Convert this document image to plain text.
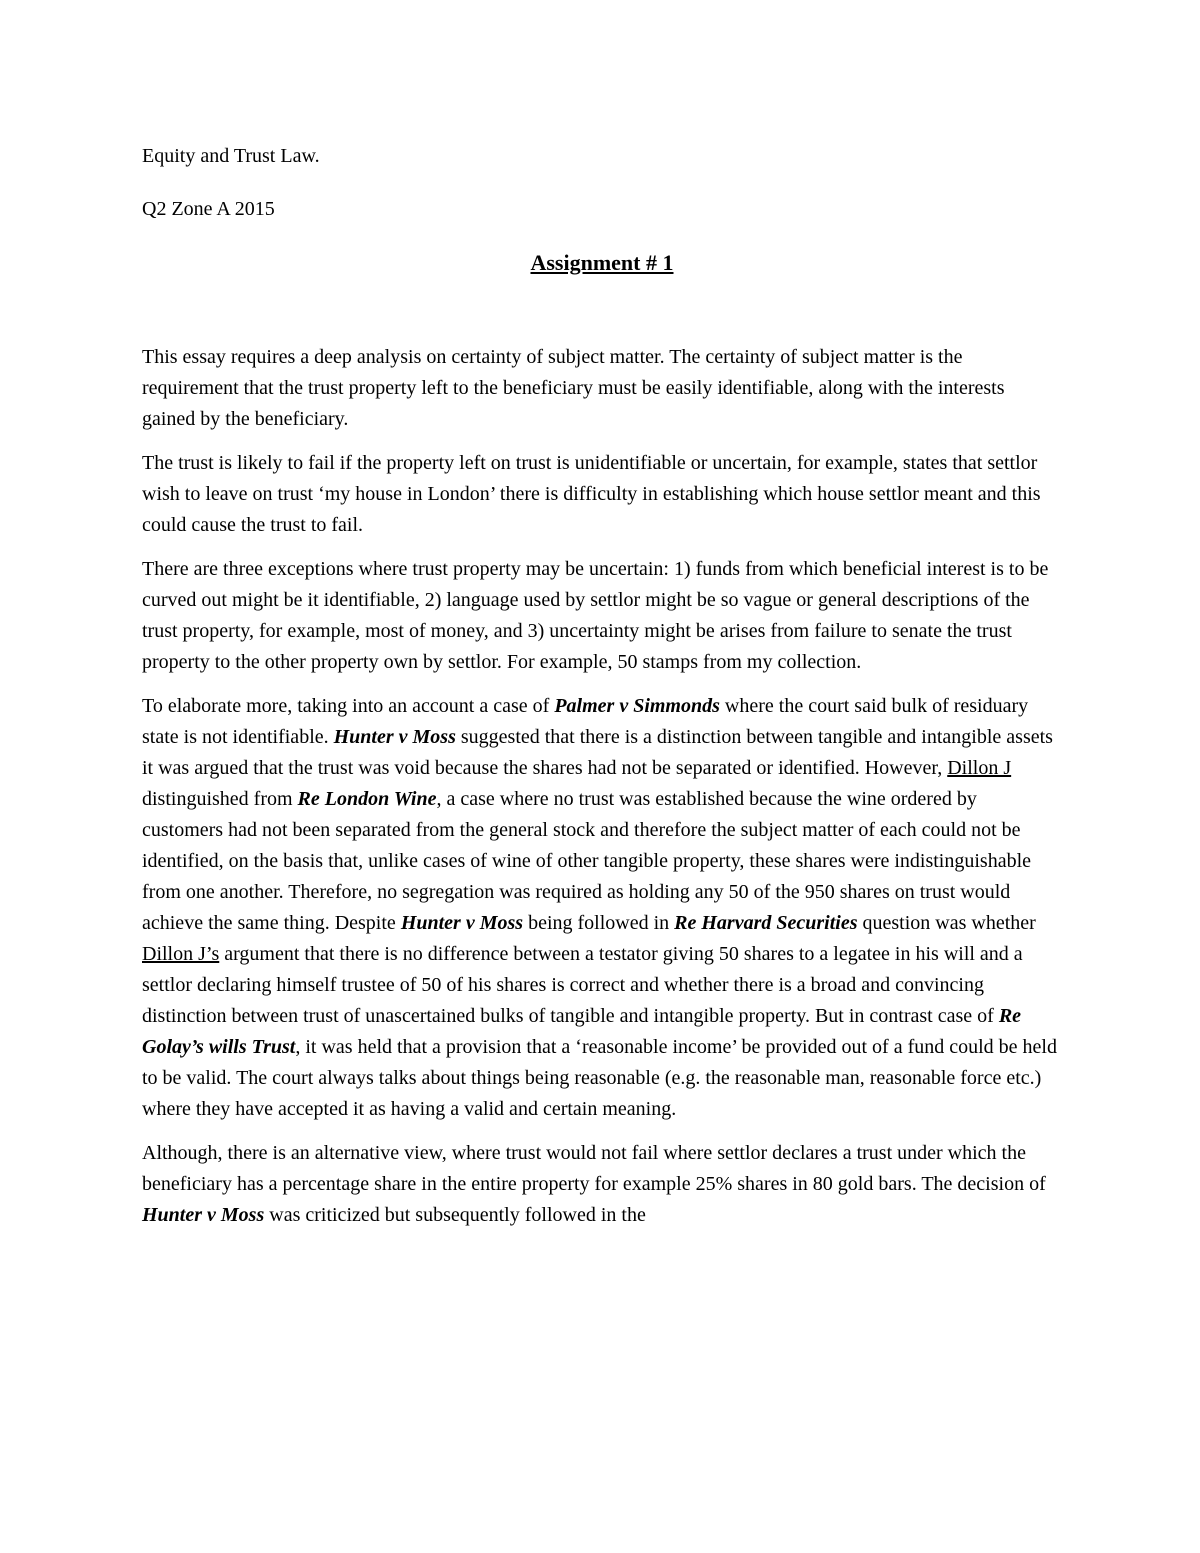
Equity and Trust Law.

Q2 Zone A 2015

Assignment # 1

This essay requires a deep analysis on certainty of subject matter. The certainty of subject matter is the requirement that the trust property left to the beneficiary must be easily identifiable, along with the interests gained by the beneficiary.

The trust is likely to fail if the property left on trust is unidentifiable or uncertain, for example, states that settlor wish to leave on trust ‘my house in London’ there is difficulty in establishing which house settlor meant and this could cause the trust to fail.

There are three exceptions where trust property may be uncertain: 1) funds from which beneficial interest is to be curved out might be it identifiable, 2) language used by settlor might be so vague or general descriptions of the trust property, for example, most of money, and 3) uncertainty might be arises from failure to senate the trust property to the other property own by settlor. For example, 50 stamps from my collection.

To elaborate more, taking into an account a case of Palmer v Simmonds where the court said bulk of residuary state is not identifiable. Hunter v Moss suggested that there is a distinction between tangible and intangible assets it was argued that the trust was void because the shares had not be separated or identified. However, Dillon J distinguished from Re London Wine, a case where no trust was established because the wine ordered by customers had not been separated from the general stock and therefore the subject matter of each could not be identified, on the basis that, unlike cases of wine of other tangible property, these shares were indistinguishable from one another. Therefore, no segregation was required as holding any 50 of the 950 shares on trust would achieve the same thing. Despite Hunter v Moss being followed in Re Harvard Securities question was whether Dillon J’s argument that there is no difference between a testator giving 50 shares to a legatee in his will and a settlor declaring himself trustee of 50 of his shares is correct and whether there is a broad and convincing distinction between trust of unascertained bulks of tangible and intangible property. But in contrast case of Re Golay’s wills Trust, it was held that a provision that a ‘reasonable income’ be provided out of a fund could be held to be valid. The court always talks about things being reasonable (e.g. the reasonable man, reasonable force etc.) where they have accepted it as having a valid and certain meaning.

Although, there is an alternative view, where trust would not fail where settlor declares a trust under which the beneficiary has a percentage share in the entire property for example 25% shares in 80 gold bars. The decision of Hunter v Moss was criticized but subsequently followed in the
